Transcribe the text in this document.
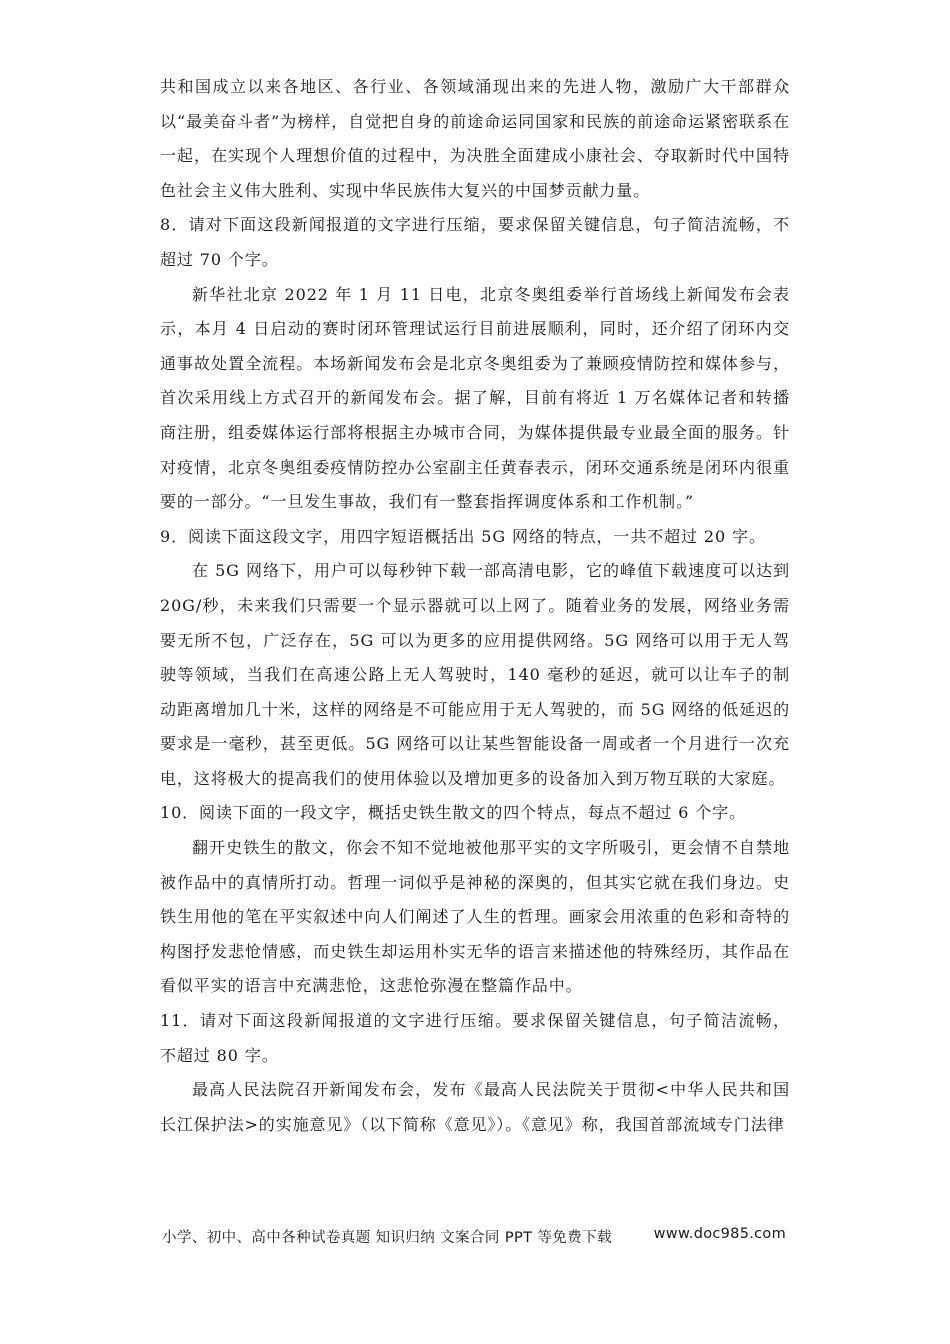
共和国成立以来各地区、各行业、各领域涌现出来的先进人物，激励广大干部群众以“最美奋斗者”为榜样，自觉把自身的前途命运同国家和民族的前途命运紧密联系在一起，在实现个人理想价值的过程中，为决胜全面建成小康社会、夺取新时代中国特色社会主义伟大胜利、实现中华民族伟大复兴的中国梦贡献力量。

8．请对下面这段新闻报道的文字进行压缩，要求保留关键信息，句子简洁流畅，不超过 70 个字。

新华社北京 2022 年 1 月 11 日电，北京冬奥组委举行首场线上新闻发布会表示，本月 4 日启动的赛时闭环管理试运行目前进展顺利，同时，还介绍了闭环内交通事故处置全流程。本场新闻发布会是北京冬奥组委为了兼顾疫情防控和媒体参与，首次采用线上方式召开的新闻发布会。据了解，目前有将近 1 万名媒体记者和转播商注册，组委媒体运行部将根据主办城市合同，为媒体提供最专业最全面的服务。针对疫情，北京冬奥组委疫情防控办公室副主任黄春表示，闭环交通系统是闭环内很重要的一部分。“一旦发生事故，我们有一整套指挥调度体系和工作机制。”

9．阅读下面这段文字，用四字短语概括出 5G 网络的特点，一共不超过 20 字。

在 5G 网络下，用户可以每秒钟下载一部高清电影，它的峰值下载速度可以达到 20G/秒，未来我们只需要一个显示器就可以上网了。随着业务的发展，网络业务需要无所不包，广泛存在，5G 可以为更多的应用提供网络。5G 网络可以用于无人驾驶等领域，当我们在高速公路上无人驾驶时，140 毫秒的延迟，就可以让车子的制动距离增加几十米，这样的网络是不可能应用于无人驾驶的，而 5G 网络的低延迟的要求是一毫秒，甚至更低。5G 网络可以让某些智能设备一周或者一个月进行一次充电，这将极大的提高我们的使用体验以及增加更多的设备加入到万物互联的大家庭。

10．阅读下面的一段文字，概括史铁生散文的四个特点，每点不超过 6 个字。

翻开史铁生的散文，你会不知不觉地被他那平实的文字所吸引，更会情不自禁地被作品中的真情所打动。哲理一词似乎是神秘的深奥的，但其实它就在我们身边。史铁生用他的笔在平实叙述中向人们阐述了人生的哲理。画家会用浓重的色彩和奇特的构图抒发悲怆情感，而史铁生却运用朴实无华的语言来描述他的特殊经历，其作品在看似平实的语言中充满悲怆，这悲怆弥漫在整篇作品中。

11．请对下面这段新闻报道的文字进行压缩。要求保留关键信息，句子简洁流畅，不超过 80 字。

最高人民法院召开新闻发布会，发布《最高人民法院关于贯彻<中华人民共和国长江保护法>的实施意见》（以下简称《意见》）。《意见》称，我国首部流域专门法律

小学、初中、高中各种试卷真题 知识归纳 文案合同 PPT 等免费下载	www.doc985.com
